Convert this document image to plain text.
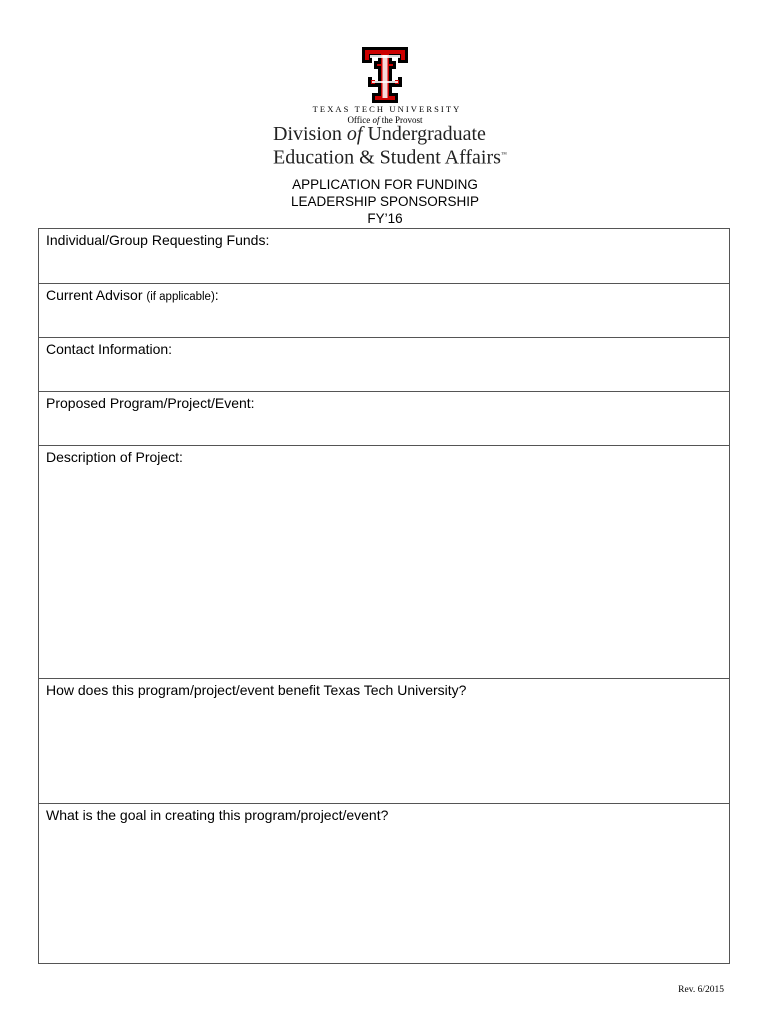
TEXAS TECH UNIVERSITY
Office of the Provost
Division of Undergraduate
Education & Student Affairs™
APPLICATION FOR FUNDING
LEADERSHIP SPONSORSHIP
FY’16
Individual/Group Requesting Funds:
Current Advisor (if applicable):
Contact Information:
Proposed Program/Project/Event:
Description of Project:
How does this program/project/event benefit Texas Tech University?
What is the goal in creating this program/project/event?
Rev. 6/2015
